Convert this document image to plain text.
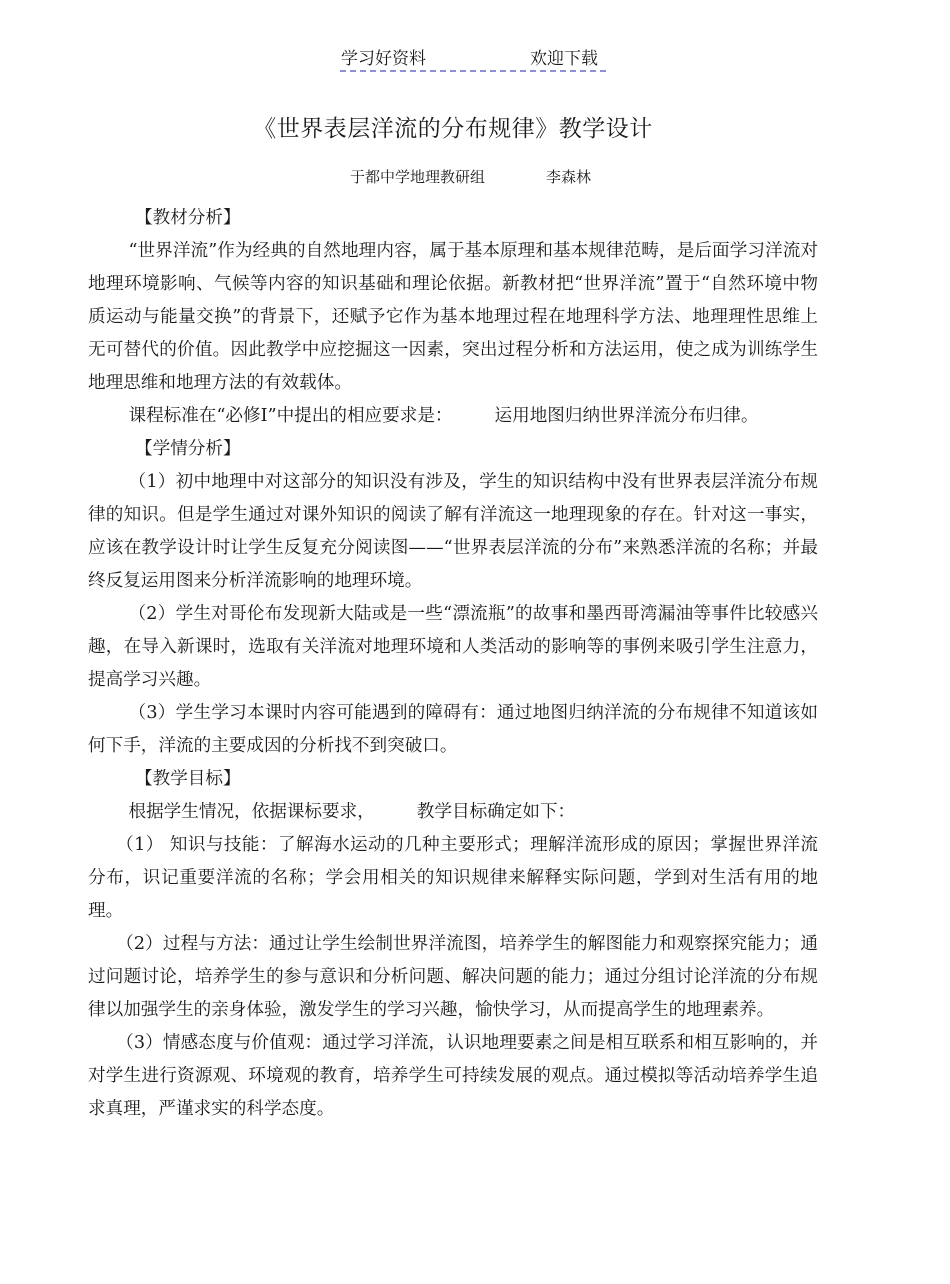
学习好资料	欢迎下载
《世界表层洋流的分布规律》教学设计
于都中学地理教研组	李森林

【教材分析】

“世界洋流”作为经典的自然地理内容，属于基本原理和基本规律范畴，是后面学习洋流对地理环境影响、气候等内容的知识基础和理论依据。新教材把“世界洋流”置于“自然环境中物质运动与能量交换”的背景下，还赋予它作为基本地理过程在地理科学方法、地理理性思维上无可替代的价值。因此教学中应挖掘这一因素，突出过程分析和方法运用，使之成为训练学生地理思维和地理方法的有效载体。

课程标准在“必修Ⅰ”中提出的相应要求是： 运用地图归纳世界洋流分布归律。

【学情分析】

（1）初中地理中对这部分的知识没有涉及，学生的知识结构中没有世界表层洋流分布规律的知识。但是学生通过对课外知识的阅读了解有洋流这一地理现象的存在。针对这一事实，应该在教学设计时让学生反复充分阅读图——“世界表层洋流的分布”来熟悉洋流的名称；并最终反复运用图来分析洋流影响的地理环境。

（2）学生对哥伦布发现新大陆或是一些“漂流瓶”的故事和墨西哥湾漏油等事件比较感兴趣，在导入新课时，选取有关洋流对地理环境和人类活动的影响等的事例来吸引学生注意力，提高学习兴趣。

（3）学生学习本课时内容可能遇到的障碍有：通过地图归纳洋流的分布规律不知道该如何下手，洋流的主要成因的分析找不到突破口。

【教学目标】

根据学生情况，依据课标要求， 教学目标确定如下：

（1） 知识与技能：了解海水运动的几种主要形式；理解洋流形成的原因；掌握世界洋流分布，识记重要洋流的名称；学会用相关的知识规律来解释实际问题，学到对生活有用的地理。

（2）过程与方法：通过让学生绘制世界洋流图，培养学生的解图能力和观察探究能力；通过问题讨论，培养学生的参与意识和分析问题、解决问题的能力；通过分组讨论洋流的分布规律以加强学生的亲身体验，激发学生的学习兴趣，愉快学习，从而提高学生的地理素养。

（3）情感态度与价值观：通过学习洋流，认识地理要素之间是相互联系和相互影响的，并对学生进行资源观、环境观的教育，培养学生可持续发展的观点。通过模拟等活动培养学生追求真理，严谨求实的科学态度。
